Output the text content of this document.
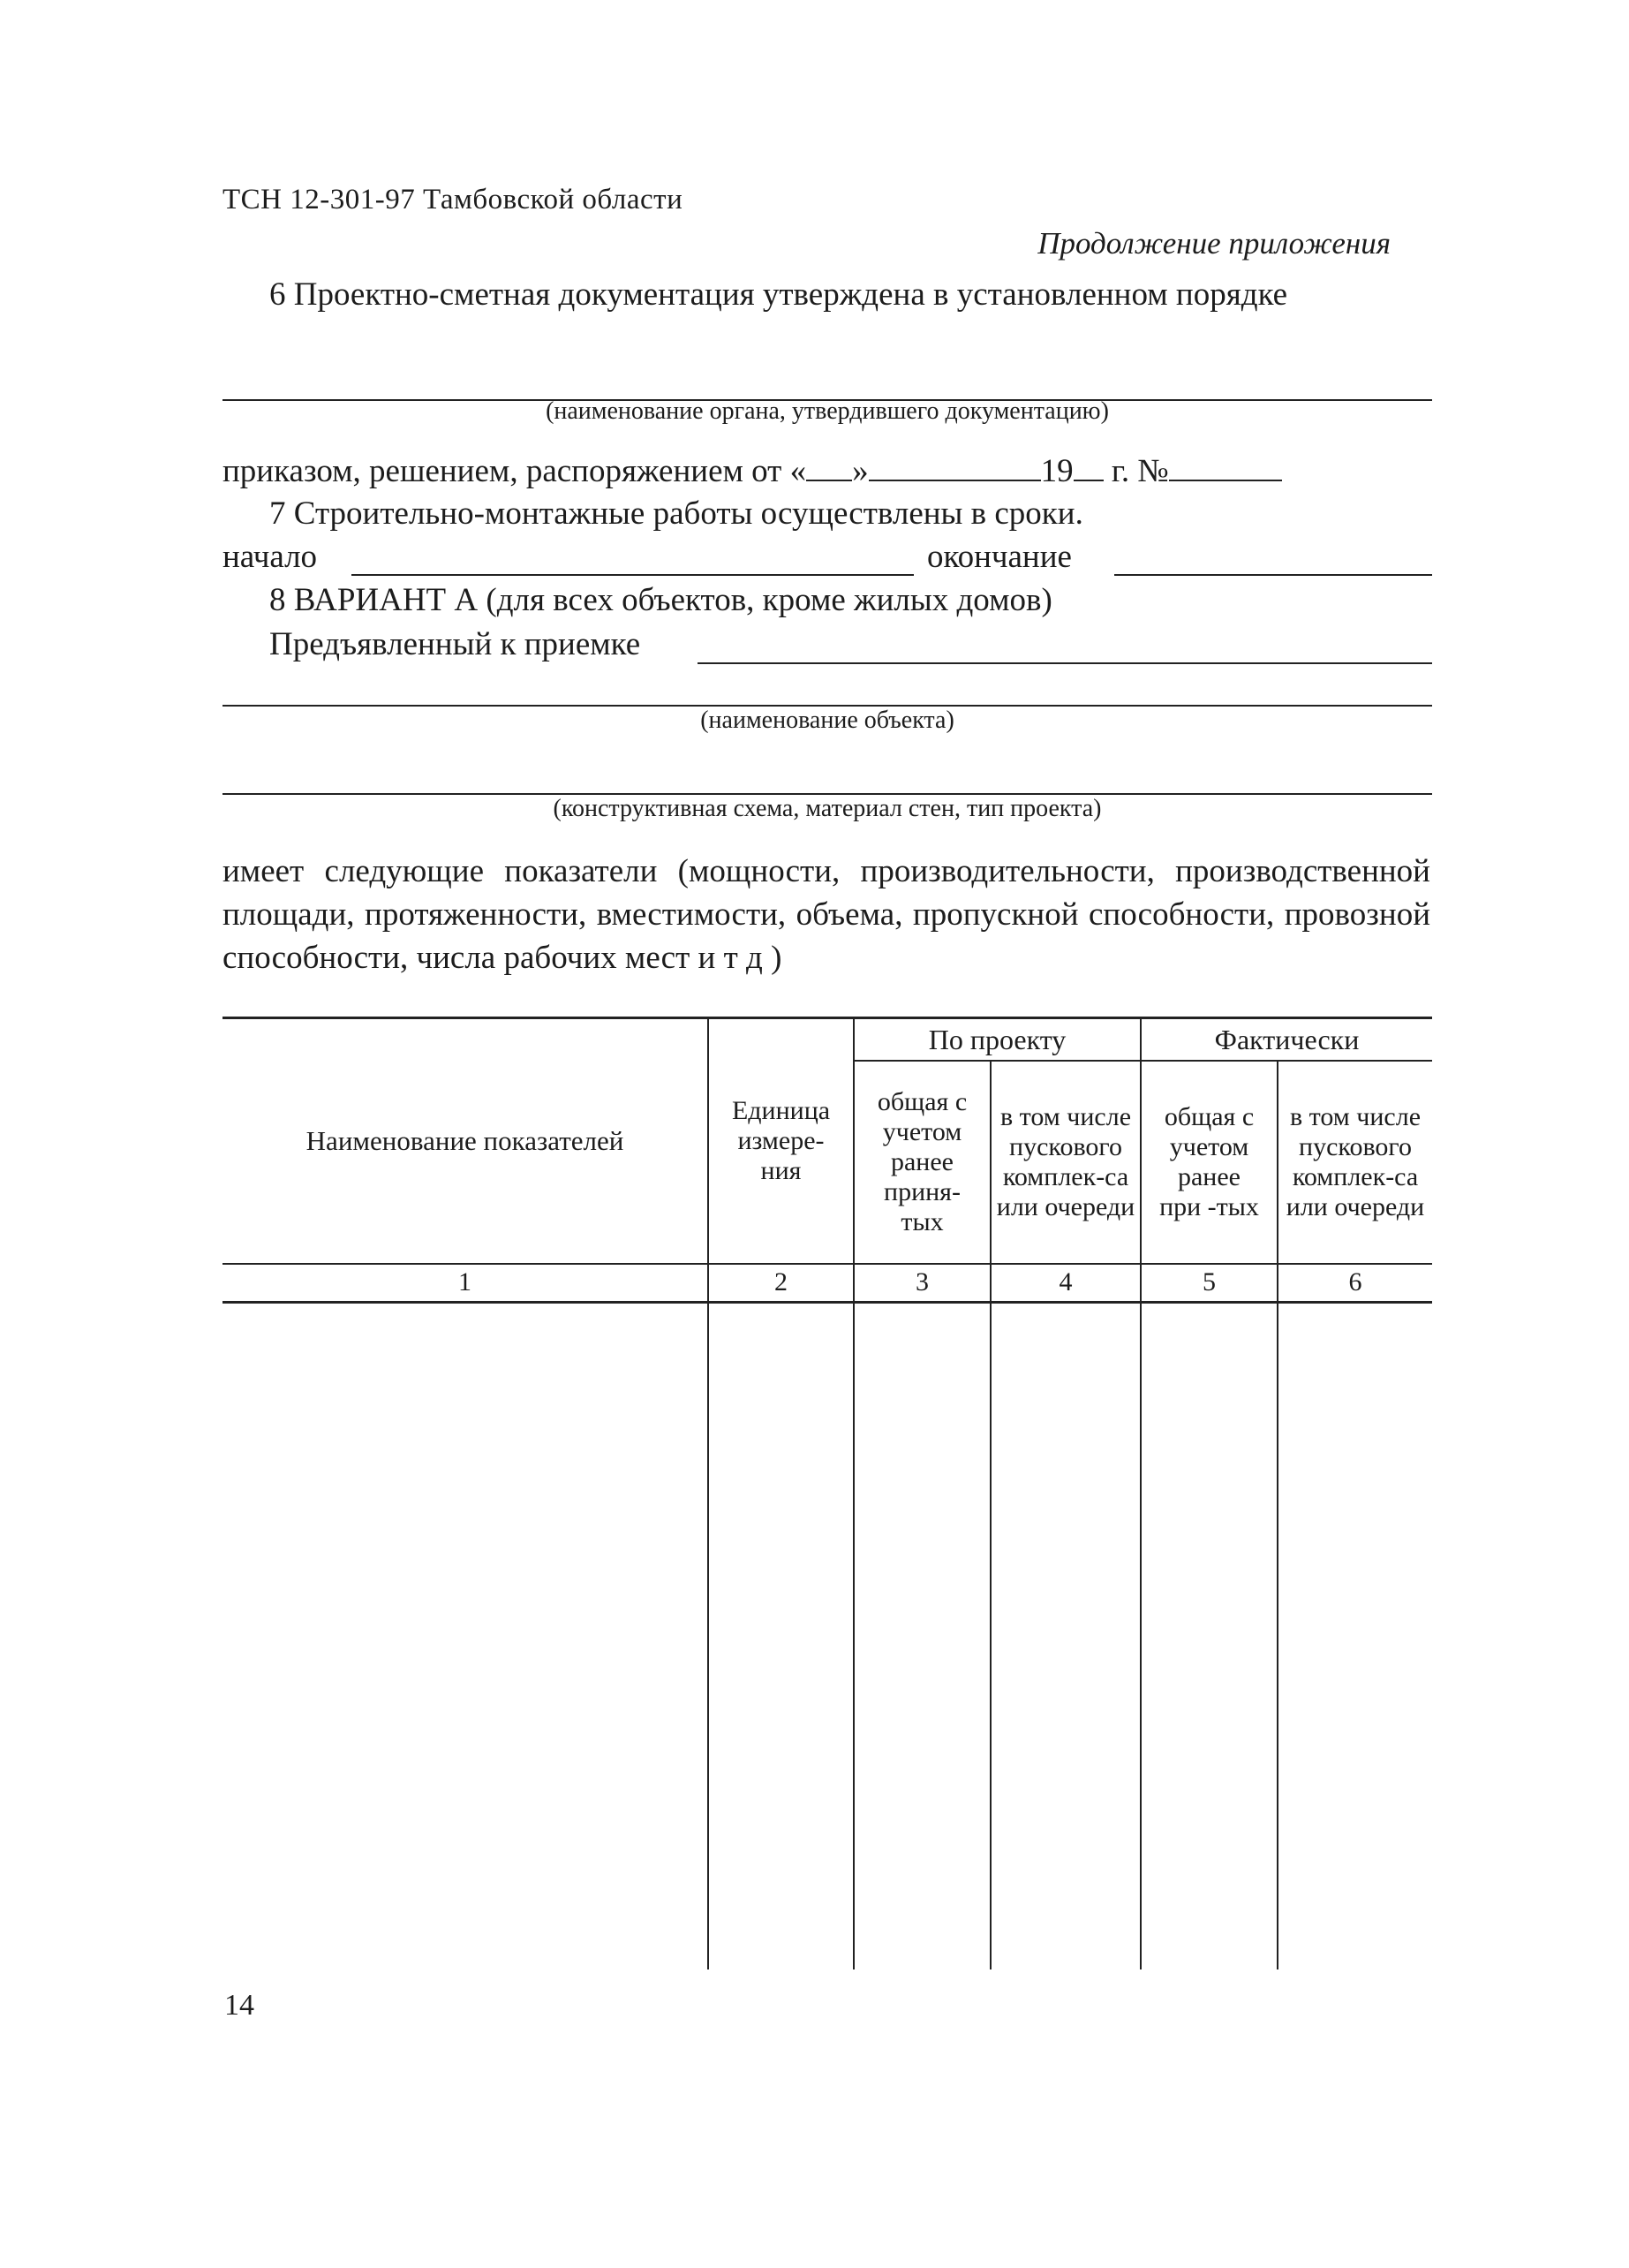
ТСН 12-301-97 Тамбовской области
Продолжение приложения
6 Проектно-сметная документация утверждена в установленном порядке
(наименование органа, утвердившего документацию)
приказом, решением, распоряжением от « »	19 г. №
7 Строительно-монтажные работы осуществлены в сроки.
начало	окончание
8 ВАРИАНТ А (для всех объектов, кроме жилых домов)
Предъявленный к приемке
(наименование объекта)
(конструктивная схема, материал стен, тип проекта)
имеет следующие показатели (мощности, производительности, производственной площади, протяженности, вместимости, объема, пропускной способности, провозной способности, числа рабочих мест и т д )
Наименование показателей	Единица измере-ния	По проекту		Фактически	
		общая с учетом ранее приня-тых	в том числе пускового комплек-са или очереди	общая с учетом ранее при -тых	в том числе пускового комплек-са или очереди
1	2	3	4	5	6

14
